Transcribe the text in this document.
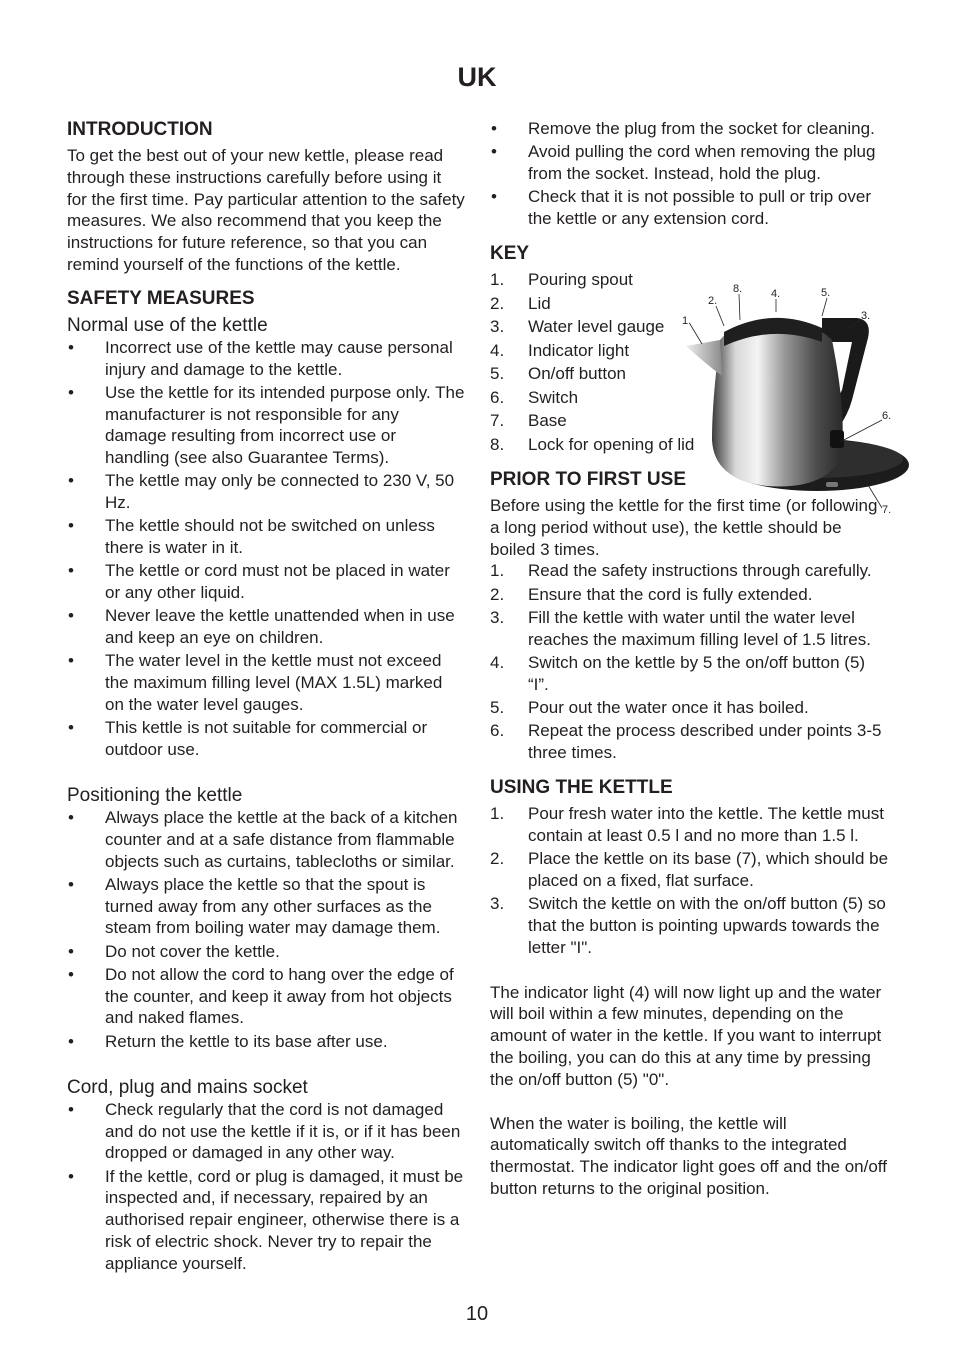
UK
INTRODUCTION

To get the best out of your new kettle, please read through these instructions carefully before using it for the first time. Pay particular attention to the safety measures. We also recommend that you keep the instructions for future reference, so that you can remind yourself of the functions of the kettle.

SAFETY MEASURES

Normal use of the kettle

• Incorrect use of the kettle may cause personal injury and damage to the kettle.
• Use the kettle for its intended purpose only. The manufacturer is not responsible for any damage resulting from incorrect use or handling (see also Guarantee Terms).
• The kettle may only be connected to 230 V, 50 Hz.
• The kettle should not be switched on unless there is water in it.
• The kettle or cord must not be placed in water or any other liquid.
• Never leave the kettle unattended when in use and keep an eye on children.
• The water level in the kettle must not exceed the maximum filling level (MAX 1.5L) marked on the water level gauges.
• This kettle is not suitable for commercial or outdoor use.

Positioning the kettle

• Always place the kettle at the back of a kitchen counter and at a safe distance from flammable objects such as curtains, tablecloths or similar.
• Always place the kettle so that the spout is turned away from any other surfaces as the steam from boiling water may damage them.
• Do not cover the kettle.
• Do not allow the cord to hang over the edge of the counter, and keep it away from hot objects and naked flames.
• Return the kettle to its base after use.

Cord, plug and mains socket

• Check regularly that the cord is not damaged and do not use the kettle if it is, or if it has been dropped or damaged in any other way.
• If the kettle, cord or plug is damaged, it must be inspected and, if necessary, repaired by an authorised repair engineer, otherwise there is a risk of electric shock. Never try to repair the appliance yourself.
• Remove the plug from the socket for cleaning.
• Avoid pulling the cord when removing the plug from the socket. Instead, hold the plug.
• Check that it is not possible to pull or trip over the kettle or any extension cord.
KEY
1. Pouring spout
2. Lid
3. Water level gauge
4. Indicator light
5. On/off button
6. Switch
7. Base
8. Lock for opening of lid
PRIOR TO FIRST USE

Before using the kettle for the first time (or following a long period without use), the kettle should be boiled 3 times.

1. Read the safety instructions through carefully.
2. Ensure that the cord is fully extended.
3. Fill the kettle with water until the water level reaches the maximum filling level of 1.5 litres.
4. Switch on the kettle by 5 the on/off button (5) “I”.
5. Pour out the water once it has boiled.
6. Repeat the process described under points 3-5 three times.
USING THE KETTLE
1. Pour fresh water into the kettle. The kettle must contain at least 0.5 l and no more than 1.5 l.
2. Place the kettle on its base (7), which should be placed on a fixed, flat surface.
3. Switch the kettle on with the on/off button (5) so that the button is pointing upwards towards the letter "I".

The indicator light (4) will now light up and the water will boil within a few minutes, depending on the amount of water in the kettle. If you want to interrupt the boiling, you can do this at any time by pressing the on/off button (5) "0".

When the water is boiling, the kettle will automatically switch off thanks to the integrated thermostat. The indicator light goes off and the on/off button returns to the original position.

1.
2.
8.	4.	5.
3.
6.
7.
10
